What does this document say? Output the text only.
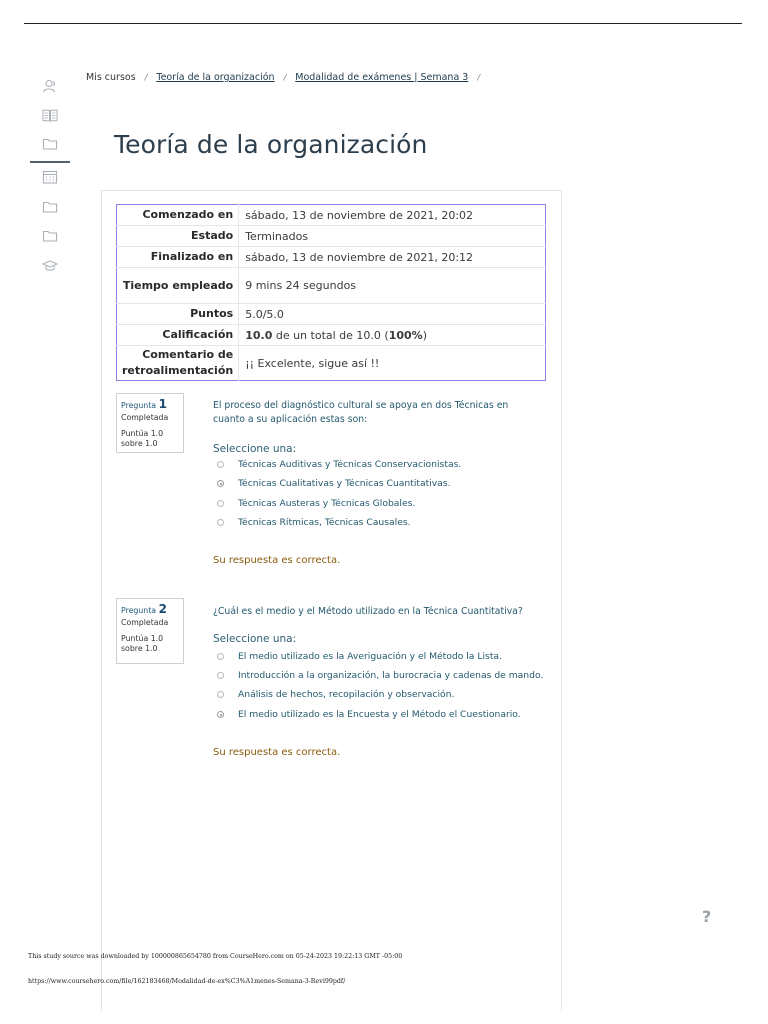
Mis cursos / Teoría de la organización / Modalidad de exámenes | Semana 3 /
Teoría de la organización
Comenzado en	sábado, 13 de noviembre de 2021, 20:02
Estado	Terminados
Finalizado en	sábado, 13 de noviembre de 2021, 20:12
Tiempo empleado	9 mins 24 segundos
Puntos	5.0/5.0
Calificación	10.0 de un total de 10.0 (100%)
Comentario de retroalimentación	¡¡ Excelente, sigue así !!
Pregunta 1
Completada
Puntúa 1.0 sobre 1.0
El proceso del diagnóstico cultural se apoya en dos Técnicas en cuanto a su aplicación estas son:
Seleccione una:
Técnicas Auditivas y Técnicas Conservacionistas.
Técnicas Cualitativas y Técnicas Cuantitativas.
Técnicas Austeras y Técnicas Globales.
Técnicas Rítmicas, Técnicas Causales.
Su respuesta es correcta.
Pregunta 2
Completada
Puntúa 1.0 sobre 1.0
¿Cuál es el medio y el Método utilizado en la Técnica Cuantitativa?
Seleccione una:
El medio utilizado es la Averiguación y el Método la Lista.
Introducción a la organización, la burocracia y cadenas de mando.
Análisis de hechos, recopilación y observación.
El medio utilizado es la Encuesta y el Método el Cuestionario.
Su respuesta es correcta.
?
This study source was downloaded by 100000865654780 from CourseHero.com on 05-24-2023 19:22:13 GMT -05:00
https://www.coursehero.com/file/162183468/Modalidad-de-ex%C3%A1menes-Semana-3-Revi99pdf/
